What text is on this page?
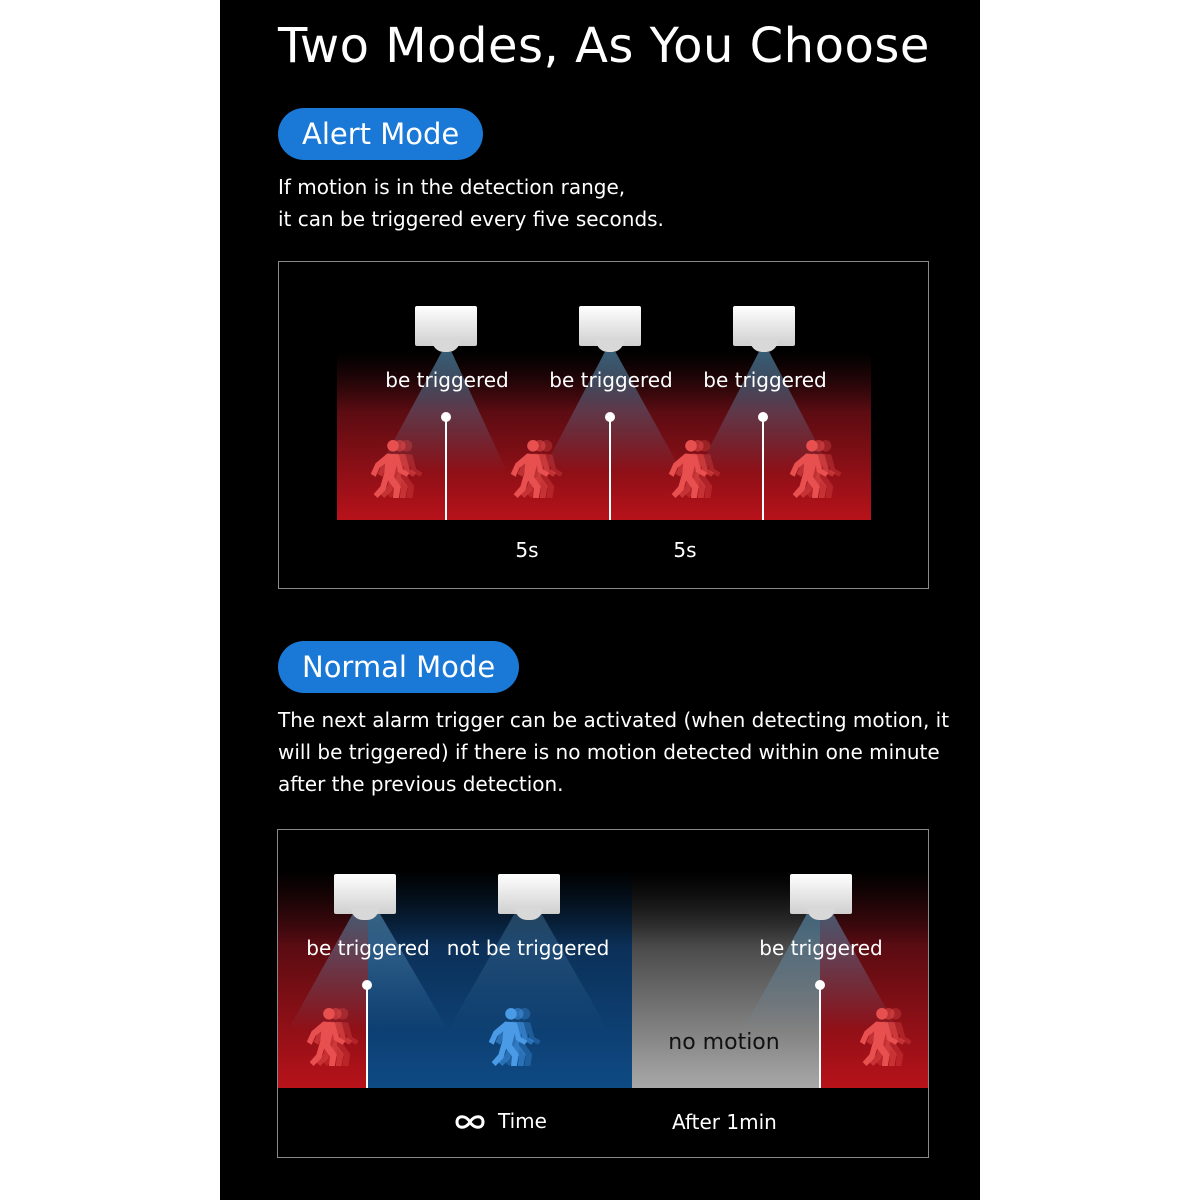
Two Modes, As You Choose
Alert Mode
If motion is in the detection range,
it can be triggered every five seconds.
be triggered be triggered be triggered
5s	5s
Normal Mode
The next alarm trigger can be activated (when detecting motion, it
will be triggered) if there is no motion detected within one minute
after the previous detection.
be triggered not be triggered	be triggered
no motion
Time	After 1min
